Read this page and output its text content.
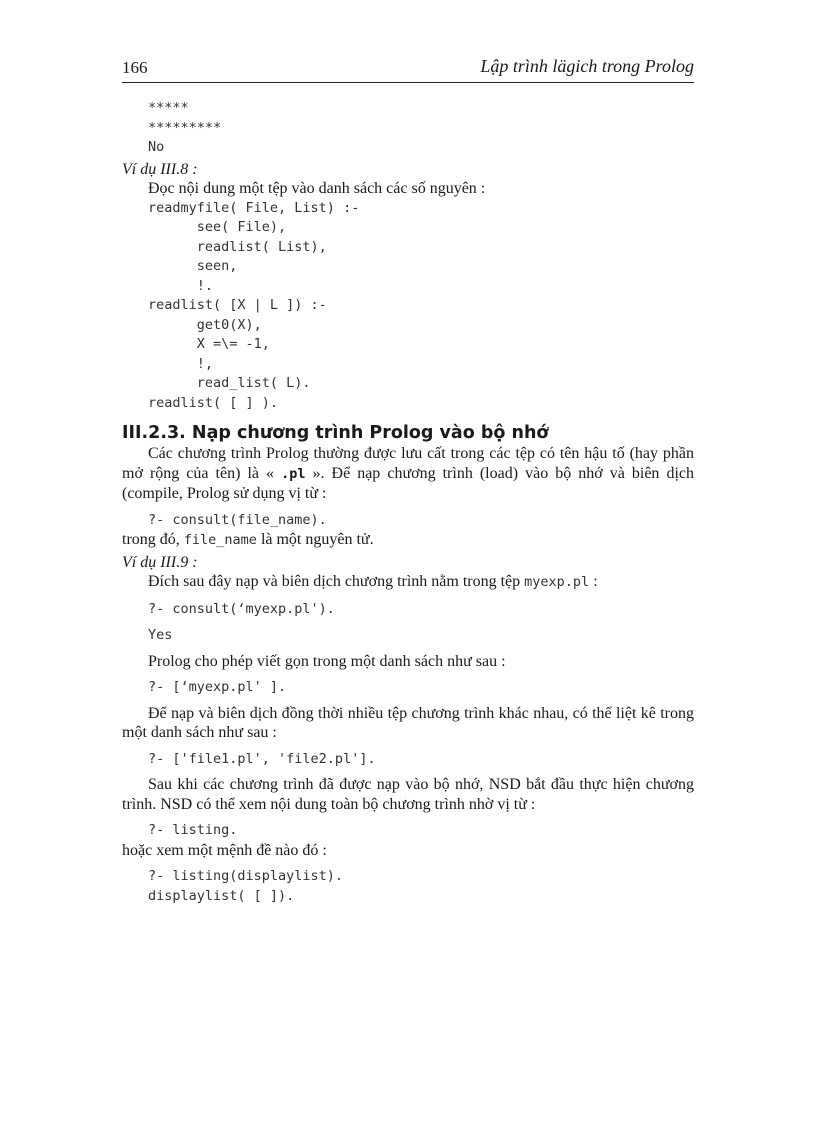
166	Lập trình lägich trong Prolog
*****
*********
No
Ví dụ III.8 :
Đọc nội dung một tệp vào danh sách các số nguyên :
readmyfile( File, List) :-
see( File),
readlist( List),
seen,
!.
readlist( [X | L ]) :-
get0(X),
X =\= -1,
!,
read_list( L).
readlist( [ ] ).
III.2.3. Nạp chương trình Prolog vào bộ nhớ
Các chương trình Prolog thường được lưu cất trong các tệp có tên hậu tố (hay phần mở rộng của tên) là « .pl ». Để nạp chương trình (load) vào bộ nhớ và biên dịch (compile, Prolog sử dụng vị từ :
?- consult(file_name).
trong đó, file_name là một nguyên tử.
Ví dụ III.9 :
Đích sau đây nạp và biên dịch chương trình nằm trong tệp myexp.pl :
?- consult(‘myexp.pl').
Yes
Prolog cho phép viết gọn trong một danh sách như sau :
?- [‘myexp.pl' ].
Để nạp và biên dịch đồng thời nhiều tệp chương trình khác nhau, có thể liệt kê trong một danh sách như sau :
?- ['file1.pl', 'file2.pl'].
Sau khi các chương trình đã được nạp vào bộ nhớ, NSD bắt đầu thực hiện chương trình. NSD có thể xem nội dung toàn bộ chương trình nhờ vị từ :
?- listing.
hoặc xem một mệnh đề nào đó :
?- listing(displaylist).
displaylist( [ ]).
